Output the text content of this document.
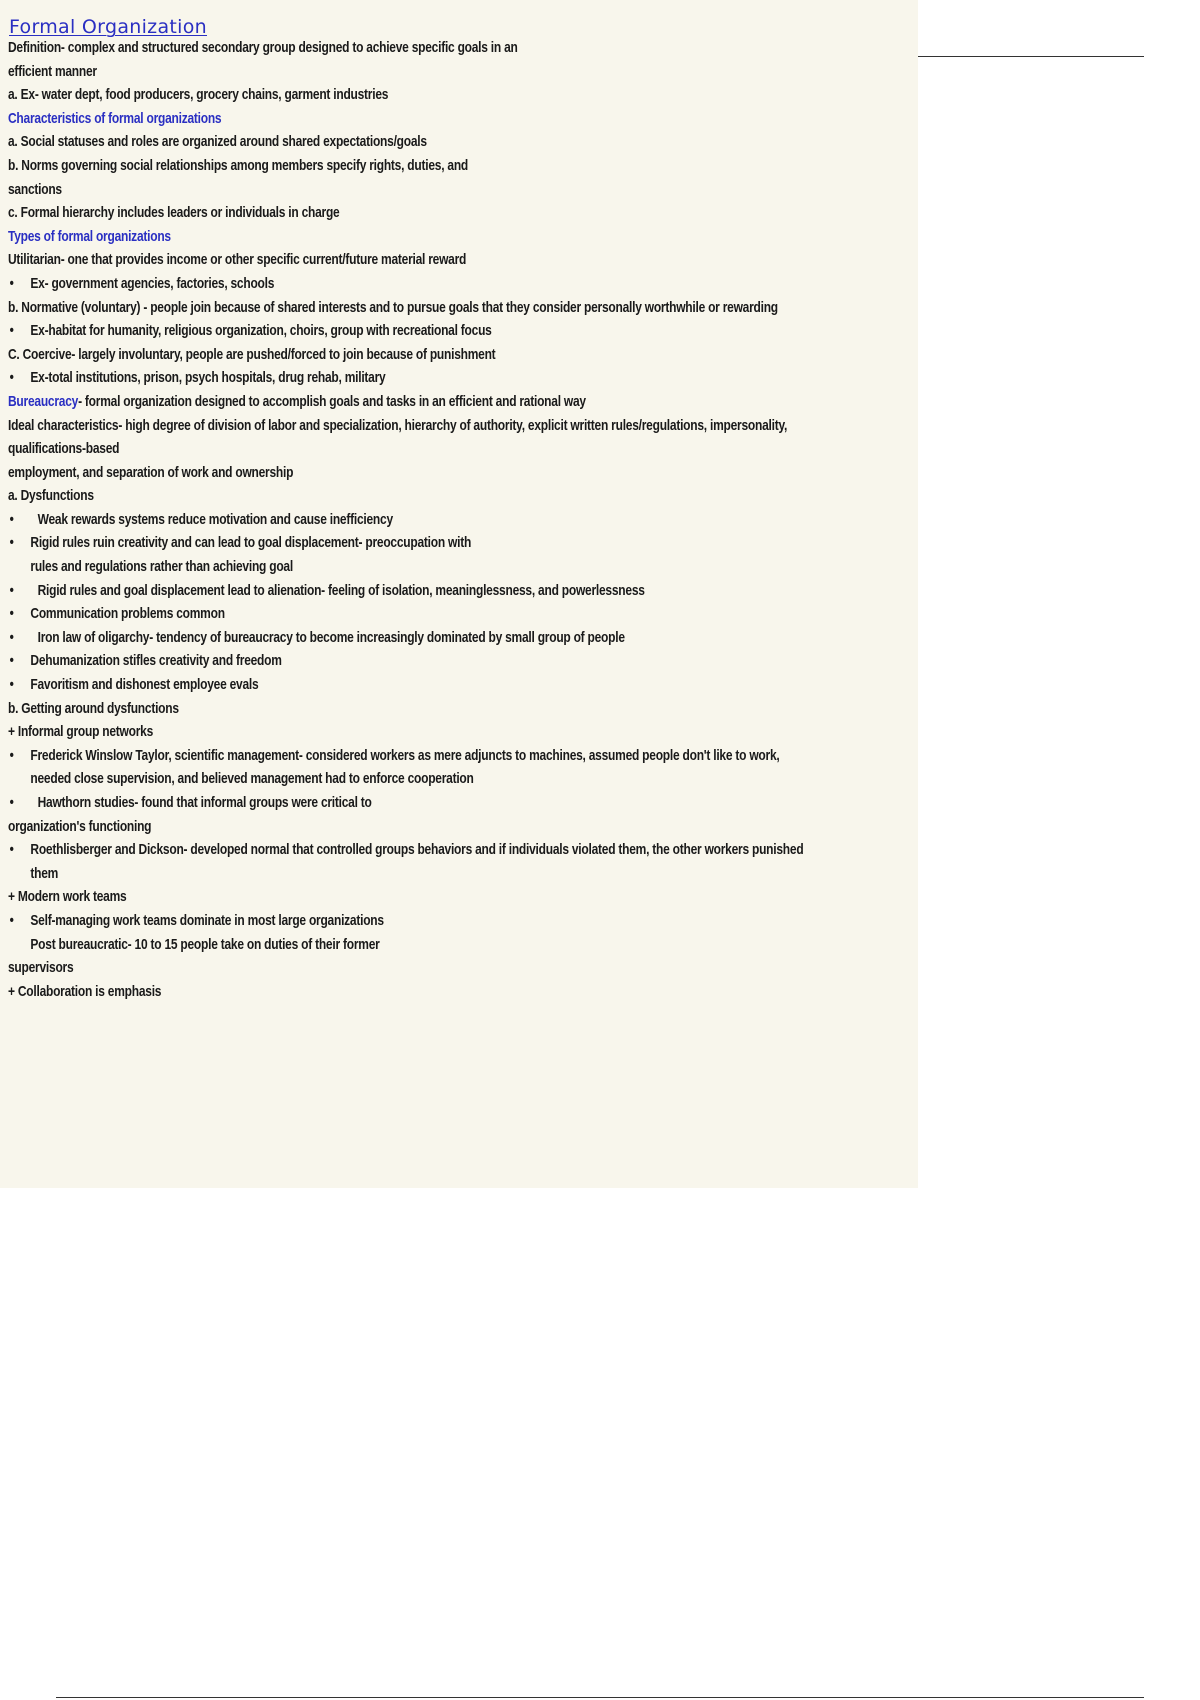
Formal Organization
Definition- complex and structured secondary group designed to achieve specific goals in an
efficient manner
a. Ex- water dept, food producers, grocery chains, garment industries
Characteristics of formal organizations
a. Social statuses and roles are organized around shared expectations/goals
b. Norms governing social relationships among members specify rights, duties, and
sanctions
c. Formal hierarchy includes leaders or individuals in charge
Types of formal organizations
Utilitarian- one that provides income or other specific current/future material reward
• Ex- government agencies, factories, schools
b. Normative (voluntary) - people join because of shared interests and to pursue goals that they consider personally worthwhile or rewarding
• Ex-habitat for humanity, religious organization, choirs, group with recreational focus
C. Coercive- largely involuntary, people are pushed/forced to join because of punishment
• Ex-total institutions, prison, psych hospitals, drug rehab, military
Bureaucracy- formal organization designed to accomplish goals and tasks in an efficient and rational way
Ideal characteristics- high degree of division of labor and specialization, hierarchy of authority, explicit written rules/regulations, impersonality,
qualifications-based
employment, and separation of work and ownership
a. Dysfunctions
• Weak rewards systems reduce motivation and cause inefficiency
• Rigid rules ruin creativity and can lead to goal displacement- preoccupation with
rules and regulations rather than achieving goal
• Rigid rules and goal displacement lead to alienation- feeling of isolation, meaninglessness, and powerlessness
• Communication problems common
• Iron law of oligarchy- tendency of bureaucracy to become increasingly dominated by small group of people
• Dehumanization stifles creativity and freedom
• Favoritism and dishonest employee evals
b. Getting around dysfunctions
+ Informal group networks
• Frederick Winslow Taylor, scientific management- considered workers as mere adjuncts to machines, assumed people don't like to work,
needed close supervision, and believed management had to enforce cooperation
• Hawthorn studies- found that informal groups were critical to
organization's functioning
• Roethlisberger and Dickson- developed normal that controlled groups behaviors and if individuals violated them, the other workers punished
them
+ Modern work teams
• Self-managing work teams dominate in most large organizations
Post bureaucratic- 10 to 15 people take on duties of their former
supervisors
+ Collaboration is emphasis
